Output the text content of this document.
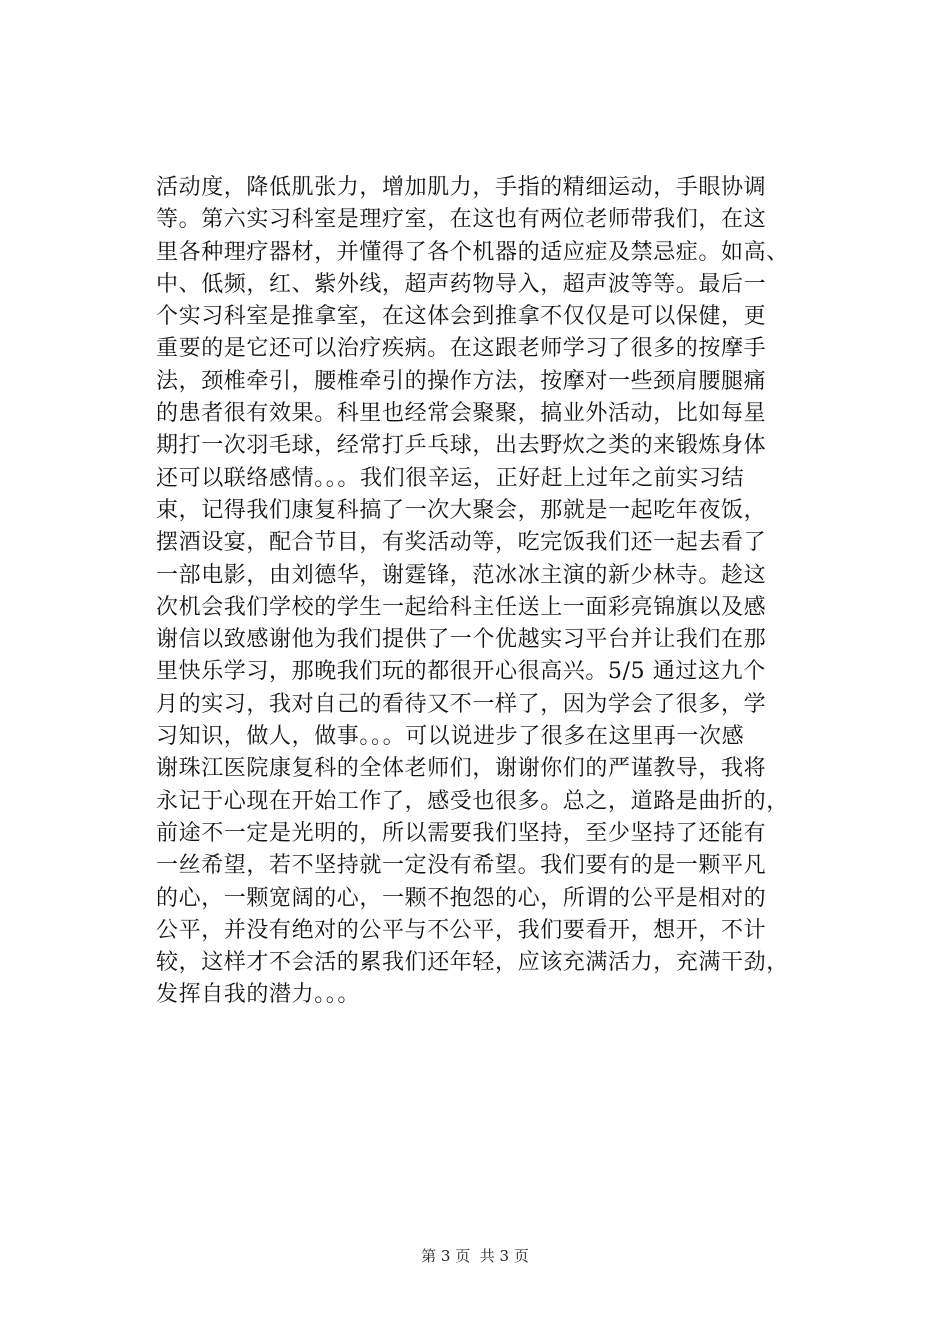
活动度，降低肌张力，增加肌力，手指的精细运动，手眼协调
等。第六实习科室是理疗室，在这也有两位老师带我们，在这
里各种理疗器材，并懂得了各个机器的适应症及禁忌症。如高、
中、低频，红、紫外线，超声药物导入，超声波等等。最后一
个实习科室是推拿室，在这体会到推拿不仅仅是可以保健，更
重要的是它还可以治疗疾病。在这跟老师学习了很多的按摩手
法，颈椎牵引，腰椎牵引的操作方法，按摩对一些颈肩腰腿痛
的患者很有效果。科里也经常会聚聚，搞业外活动，比如每星
期打一次羽毛球，经常打乒乓球，出去野炊之类的来锻炼身体
还可以联络感情。。。我们很辛运，正好赶上过年之前实习结
束，记得我们康复科搞了一次大聚会，那就是一起吃年夜饭，
摆酒设宴，配合节目，有奖活动等，吃完饭我们还一起去看了
一部电影，由刘德华，谢霆锋，范冰冰主演的新少林寺。趁这
次机会我们学校的学生一起给科主任送上一面彩亮锦旗以及感
谢信以致感谢他为我们提供了一个优越实习平台并让我们在那
里快乐学习，那晚我们玩的都很开心很高兴。5/5 通过这九个
月的实习，我对自己的看待又不一样了，因为学会了很多，学
习知识，做人，做事。。。可以说进步了很多在这里再一次感
谢珠江医院康复科的全体老师们，谢谢你们的严谨教导，我将
永记于心现在开始工作了，感受也很多。总之，道路是曲折的，
前途不一定是光明的，所以需要我们坚持，至少坚持了还能有
一丝希望，若不坚持就一定没有希望。我们要有的是一颗平凡
的心，一颗宽阔的心，一颗不抱怨的心，所谓的公平是相对的
公平，并没有绝对的公平与不公平，我们要看开，想开，不计
较，这样才不会活的累我们还年轻，应该充满活力，充满干劲，
发挥自我的潜力。。。
第 3 页  共 3 页
